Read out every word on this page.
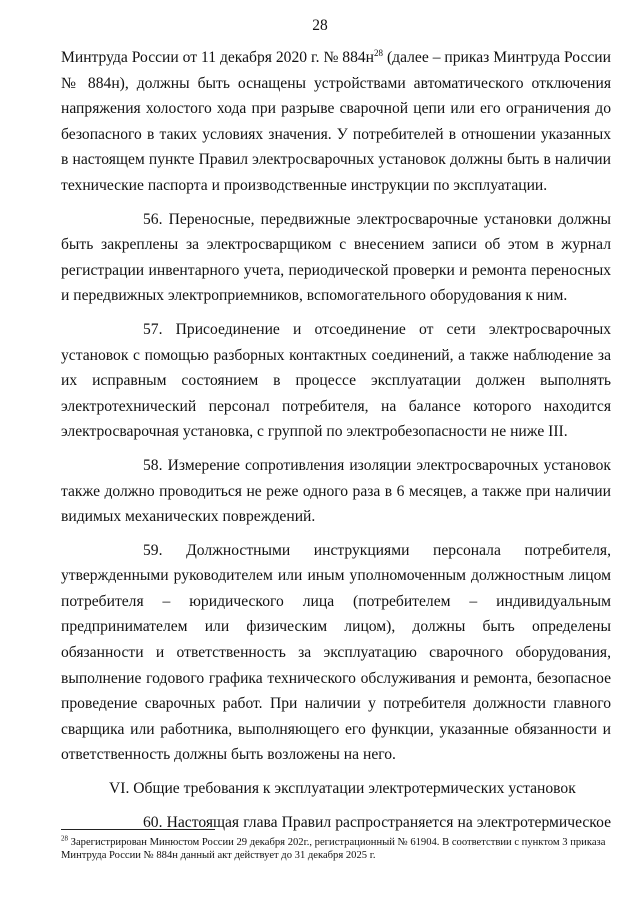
28

Минтруда России от 11 декабря 2020 г. № $884н^{28}$ (далее – приказ Минтруда России № 884н), должны быть оснащены устройствами автоматического отключения напряжения холостого хода при разрыве сварочной цепи или его ограничения до безопасного в таких условиях значения. У потребителей в отношении указанных в настоящем пункте Правил электросварочных установок должны быть в наличии технические паспорта и производственные инструкции по эксплуатации.

56. Переносные, передвижные электросварочные установки должны быть закреплены за электросварщиком с внесением записи об этом в журнал регистрации инвентарного учета, периодической проверки и ремонта переносных и передвижных электроприемников, вспомогательного оборудования к ним.

57. Присоединение и отсоединение от сети электросварочных установок с помощью разборных контактных соединений, а также наблюдение за их исправным состоянием в процессе эксплуатации должен выполнять электротехнический персонал потребителя, на балансе которого находится электросварочная установка, с группой по электробезопасности не ниже III.

58. Измерение сопротивления изоляции электросварочных установок также должно проводиться не реже одного раза в 6 месяцев, а также при наличии видимых механических повреждений.

59. Должностными инструкциями персонала потребителя, утвержденными руководителем или иным уполномоченным должностным лицом потребителя – юридического лица (потребителем – индивидуальным предпринимателем или физическим лицом), должны быть определены обязанности и ответственность за эксплуатацию сварочного оборудования, выполнение годового графика технического обслуживания и ремонта, безопасное проведение сварочных работ. При наличии у потребителя должности главного сварщика или работника, выполняющего его функции, указанные обязанности и ответственность должны быть возложены на него.

VI. Общие требования к эксплуатации электротермических установок

60. Настоящая глава Правил распространяется на электротермическое

$^{28}$ Зарегистрирован Минюстом России 29 декабря 202г., регистрационный № 61904. В соответствии с пунктом 3 приказа Минтруда России № 884н данный акт действует до 31 декабря 2025 г.
